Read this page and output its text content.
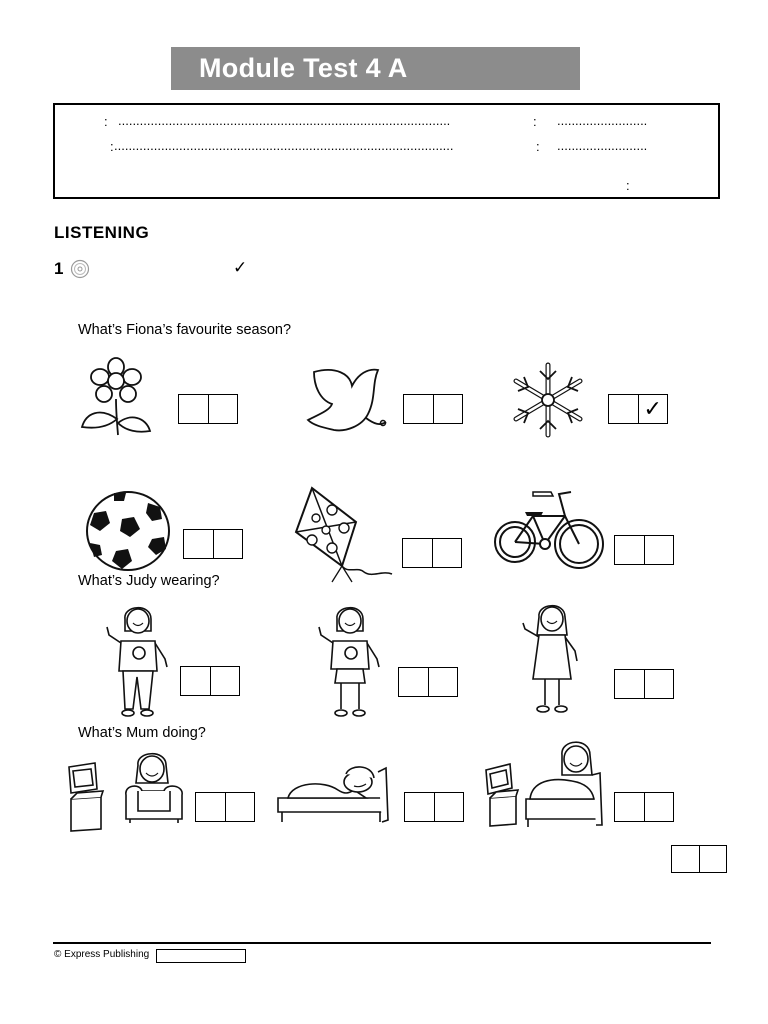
Module Test 4 A
: ............................................................................................	: .........................
: ..............................................................................................	: .........................
:
LISTENING
1	✓
What’s Fiona’s favourite season?
✓
What’s Judy wearing?
What’s Mum doing?
© Express Publishing
